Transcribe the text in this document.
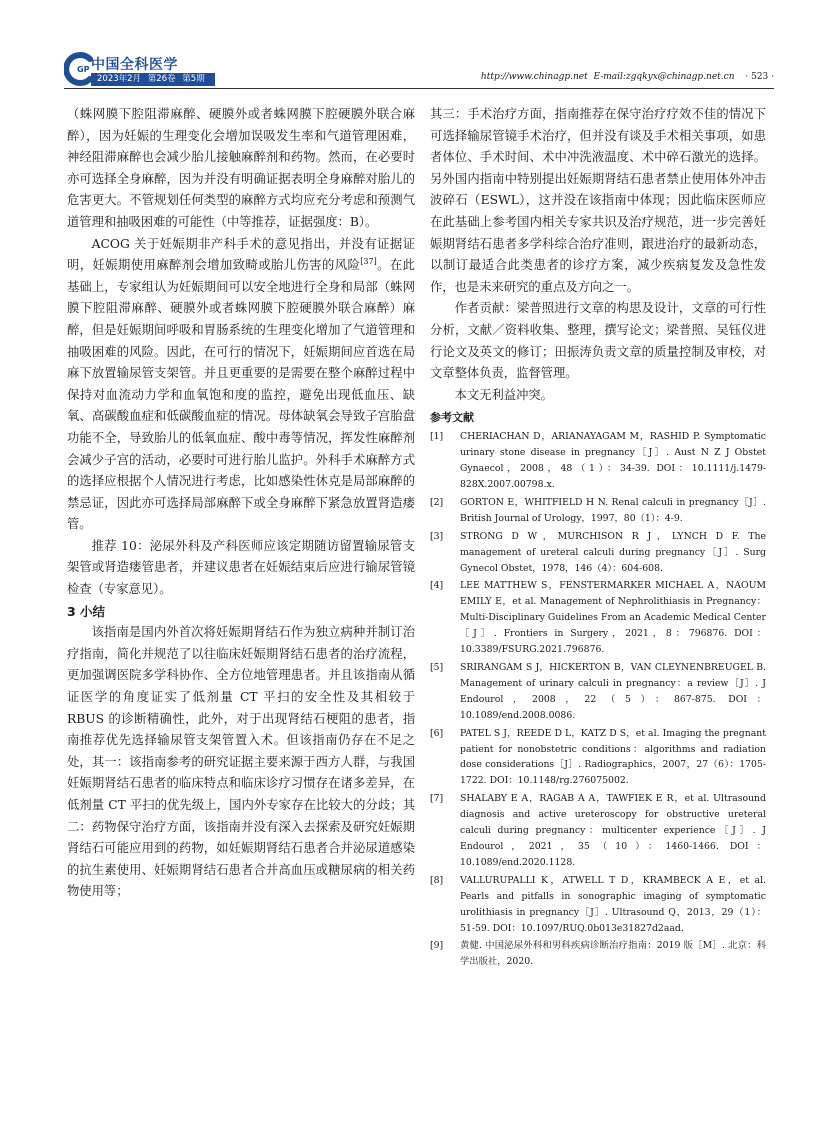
GP 中国全科医学
2023年2月 第26卷 第5期	http://www.chinagp.net E-mail:zgqkyx@chinagp.net.cn · 523 ·

（蛛网膜下腔阻滞麻醉、硬膜外或者蛛网膜下腔硬膜外联合麻醉），因为妊娠的生理变化会增加误吸发生率和气道管理困难，神经阻滞麻醉也会减少胎儿接触麻醉剂和药物。然而，在必要时亦可选择全身麻醉，因为并没有明确证据表明全身麻醉对胎儿的危害更大。不管规划任何类型的麻醉方式均应充分考虑和预测气道管理和抽吸困难的可能性（中等推荐，证据强度：B）。

ACOG 关于妊娠期非产科手术的意见指出，并没有证据证明，妊娠期使用麻醉剂会增加致畸或胎儿伤害的风险[37]。在此基础上，专家组认为妊娠期间可以安全地进行全身和局部（蛛网膜下腔阻滞麻醉、硬膜外或者蛛网膜下腔硬膜外联合麻醉）麻醉，但是妊娠期间呼吸和胃肠系统的生理变化增加了气道管理和抽吸困难的风险。因此，在可行的情况下，妊娠期间应首选在局麻下放置输尿管支架管。并且更重要的是需要在整个麻醉过程中保持对血流动力学和血氧饱和度的监控，避免出现低血压、缺氧、高碳酸血症和低碳酸血症的情况。母体缺氧会导致子宫胎盘功能不全，导致胎儿的低氧血症、酸中毒等情况，挥发性麻醉剂会减少子宫的活动，必要时可进行胎儿监护。外科手术麻醉方式的选择应根据个人情况进行考虑，比如感染性休克是局部麻醉的禁忌证，因此亦可选择局部麻醉下或全身麻醉下紧急放置肾造瘘管。

推荐 10：泌尿外科及产科医师应该定期随访留置输尿管支架管或肾造瘘管患者，并建议患者在妊娠结束后应进行输尿管镜检查（专家意见）。

3 小结

该指南是国内外首次将妊娠期肾结石作为独立病种并制订治疗指南，简化并规范了以往临床妊娠期肾结石患者的治疗流程，更加强调医院多学科协作、全方位地管理患者。并且该指南从循证医学的角度证实了低剂量 CT 平扫的安全性及其相较于 RBUS 的诊断精确性，此外，对于出现肾结石梗阻的患者，指南推荐优先选择输尿管支架管置入术。但该指南仍存在不足之处，其一：该指南参考的研究证据主要来源于西方人群，与我国妊娠期肾结石患者的临床特点和临床诊疗习惯存在诸多差异，在低剂量 CT 平扫的优先级上，国内外专家存在比较大的分歧；其二：药物保守治疗方面，该指南并没有深入去探索及研究妊娠期肾结石可能应用到的药物，如妊娠期肾结石患者合并泌尿道感染的抗生素使用、妊娠期肾结石患者合并高血压或糖尿病的相关药物使用等；

其三：手术治疗方面，指南推荐在保守治疗疗效不佳的情况下可选择输尿管镜手术治疗，但并没有谈及手术相关事项，如患者体位、手术时间、术中冲洗液温度、术中碎石激光的选择。另外国内指南中特别提出妊娠期肾结石患者禁止使用体外冲击波碎石（ESWL），这并没在该指南中体现；因此临床医师应在此基础上参考国内相关专家共识及治疗规范，进一步完善妊娠期肾结石患者多学科综合治疗准则，跟进治疗的最新动态，以制订最适合此类患者的诊疗方案，减少疾病复发及急性发作，也是未来研究的重点及方向之一。

作者贡献：梁普照进行文章的构思及设计，文章的可行性分析，文献／资料收集、整理，撰写论文；梁普照、吴钰仪进行论文及英文的修订；田振涛负责文章的质量控制及审校，对文章整体负责，监督管理。

本文无利益冲突。

参考文献
[1]	CHERIACHAN D，ARIANAYAGAM M，RASHID P. Symptomatic urinary stone disease in pregnancy［J］. Aust N Z J Obstet Gynaecol，2008，48（1）：34-39. DOI：10.1111/j.1479-828X.2007.00798.x.
[2]	GORTON E，WHITFIELD H N. Renal calculi in pregnancy［J］. British Journal of Urology，1997，80（1）：4-9.
[3]	STRONG D W，MURCHISON R J，LYNCH D F. The management of ureteral calculi during pregnancy［J］. Surg Gynecol Obstet，1978，146（4）：604-608.
[4]	LEE MATTHEW S，FENSTERMARKER MICHAEL A，NAOUM EMILY E，et al. Management of Nephrolithiasis in Pregnancy：Multi-Disciplinary Guidelines From an Academic Medical Center［J］. Frontiers in Surgery，2021，8：796876. DOI：10.3389/FSURG.2021.796876.
[5]	SRIRANGAM S J，HICKERTON B，VAN CLEYNENBREUGEL B. Management of urinary calculi in pregnancy：a review［J］. J Endourol，2008，22（5）：867-875. DOI：10.1089/end.2008.0086.
[6]	PATEL S J，REEDE D L，KATZ D S，et al. Imaging the pregnant patient for nonobstetric conditions：algorithms and radiation dose considerations［J］. Radiographics，2007，27（6）：1705-1722. DOI：10.1148/rg.276075002.
[7]	SHALABY E A，RAGAB A A，TAWFIEK E R，et al. Ultrasound diagnosis and active ureteroscopy for obstructive ureteral calculi during pregnancy：multicenter experience［J］. J Endourol，2021，35（10）：1460-1466. DOI：10.1089/end.2020.1128.
[8]	VALLURUPALLI K，ATWELL T D，KRAMBECK A E，et al. Pearls and pitfalls in sonographic imaging of symptomatic urolithiasis in pregnancy［J］. Ultrasound Q，2013，29（1）：51-59. DOI：10.1097/RUQ.0b013e31827d2aad.
[9]	黄健. 中国泌尿外科和男科疾病诊断治疗指南：2019 版［M］. 北京：科学出版社，2020.
